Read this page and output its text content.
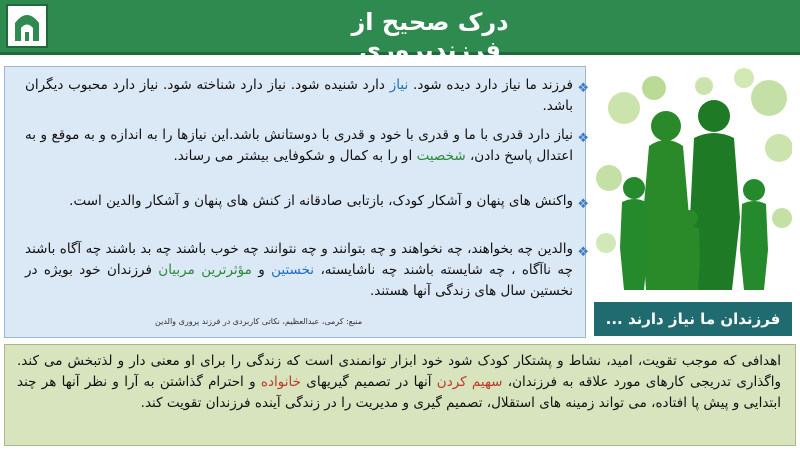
درک صحیح از فرزندپروری
❖
فرزند ما نیاز دارد دیده شود. نیاز دارد شنیده شود. نیاز دارد شناخته شود. نیاز دارد محبوب دیگران باشد.
❖
نیاز دارد قدری با ما و قدری با خود و قدری با دوستانش باشد.این نیازها را به اندازه و به موقع و به اعتدال پاسخ دادن، شخصیت او را به کمال و شکوفایی بیشتر می رساند.
❖
واکنش های پنهان و آشکار کودک، بازتابی صادقانه از کنش های پنهان و آشکار والدین است.
❖
والدین چه بخواهند، چه نخواهند و چه بتوانند و چه نتوانند چه خوب باشند چه بد باشند چه آگاه باشند چه ناآگاه ، چه شایسته باشند چه ناشایسته، نخستین و مؤثرترین مربیان فرزندان خود بویژه در نخستین سال های زندگی آنها هستند.
منبع: کرمی، عبدالعظیم، نکاتی کاربردی در فرزند پروری والدین	فرزندان ما نیاز دارند ...
اهدافی که موجب تقویت، امید، نشاط و پشتکار کودک شود خود ابزار توانمندی است که زندگی را برای او معنی دار و لذتبخش می کند. واگذاری تدریجی کارهای مورد علاقه به فرزندان، سهیم کردن آنها در تصمیم گیریهای خانواده و احترام گذاشتن به آرا و نظر آنها هر چند ابتدایی و پیش پا افتاده، می تواند زمینه های استقلال، تصمیم گیری و مدیریت را در زندگی آینده فرزندان تقویت کند.
